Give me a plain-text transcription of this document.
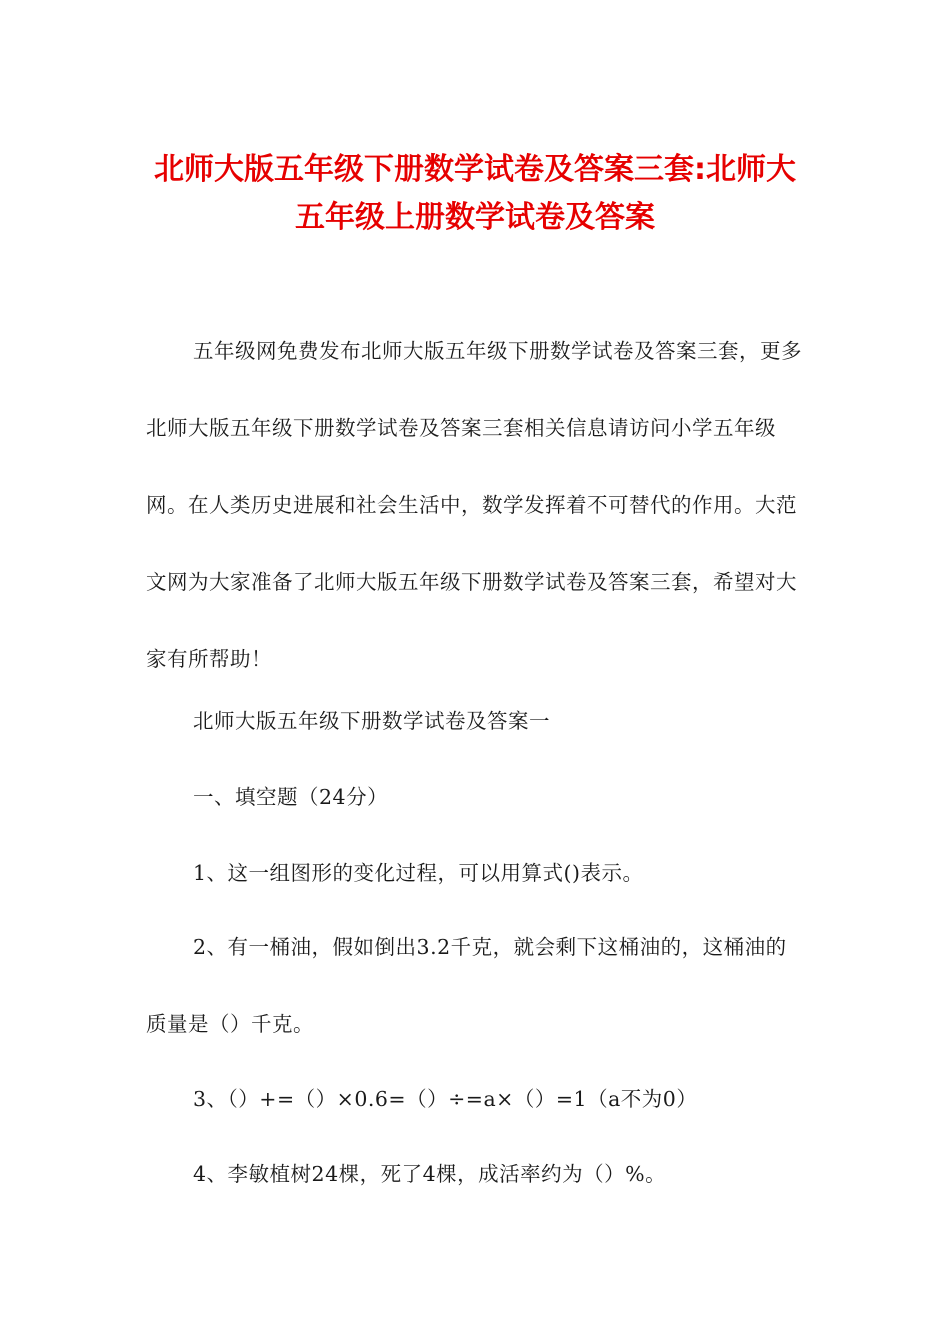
北师大版五年级下册数学试卷及答案三套:北师大五年级上册数学试卷及答案

五年级网免费发布北师大版五年级下册数学试卷及答案三套，更多北师大版五年级下册数学试卷及答案三套相关信息请访问小学五年级网。在人类历史进展和社会生活中，数学发挥着不可替代的作用。大范文网为大家准备了北师大版五年级下册数学试卷及答案三套，希望对大家有所帮助！

北师大版五年级下册数学试卷及答案一

一、填空题（24分）

1、这一组图形的变化过程，可以用算式()表示。

2、有一桶油，假如倒出3.2千克，就会剩下这桶油的，这桶油的质量是（）千克。

3、（）+=（）×0.6=（）÷=a×（）=1（a不为0）

4、李敏植树24棵，死了4棵，成活率约为（）%。
